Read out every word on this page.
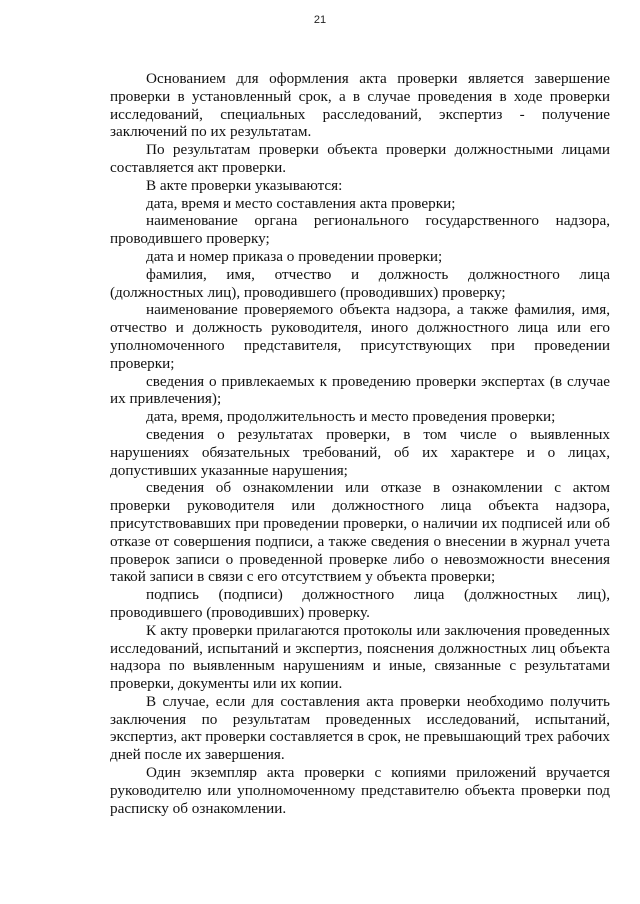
21

Основанием для оформления акта проверки является завершение проверки в установленный срок, а в случае проведения в ходе проверки исследований, специальных расследований, экспертиз - получение заключений по их результатам.

По результатам проверки объекта проверки должностными лицами составляется акт проверки.

В акте проверки указываются:

дата, время и место составления акта проверки;

наименование органа регионального государственного надзора, проводившего проверку;

дата и номер приказа о проведении проверки;

фамилия, имя, отчество и должность должностного лица (должностных лиц), проводившего (проводивших) проверку;

наименование проверяемого объекта надзора, а также фамилия, имя, отчество и должность руководителя, иного должностного лица или его уполномоченного представителя, присутствующих при проведении проверки;

сведения о привлекаемых к проведению проверки экспертах (в случае их привлечения);

дата, время, продолжительность и место проведения проверки;

сведения о результатах проверки, в том числе о выявленных нарушениях обязательных требований, об их характере и о лицах, допустивших указанные нарушения;

сведения об ознакомлении или отказе в ознакомлении с актом проверки руководителя или должностного лица объекта надзора, присутствовавших при проведении проверки, о наличии их подписей или об отказе от совершения подписи, а также сведения о внесении в журнал учета проверок записи о проведенной проверке либо о невозможности внесения такой записи в связи с его отсутствием у объекта проверки;

подпись (подписи) должностного лица (должностных лиц), проводившего (проводивших) проверку.

К акту проверки прилагаются протоколы или заключения проведенных исследований, испытаний и экспертиз, пояснения должностных лиц объекта надзора по выявленным нарушениям и иные, связанные с результатами проверки, документы или их копии.

В случае, если для составления акта проверки необходимо получить заключения по результатам проведенных исследований, испытаний, экспертиз, акт проверки составляется в срок, не превышающий трех рабочих дней после их завершения.

Один экземпляр акта проверки с копиями приложений вручается руководителю или уполномоченному представителю объекта проверки под расписку об ознакомлении.
